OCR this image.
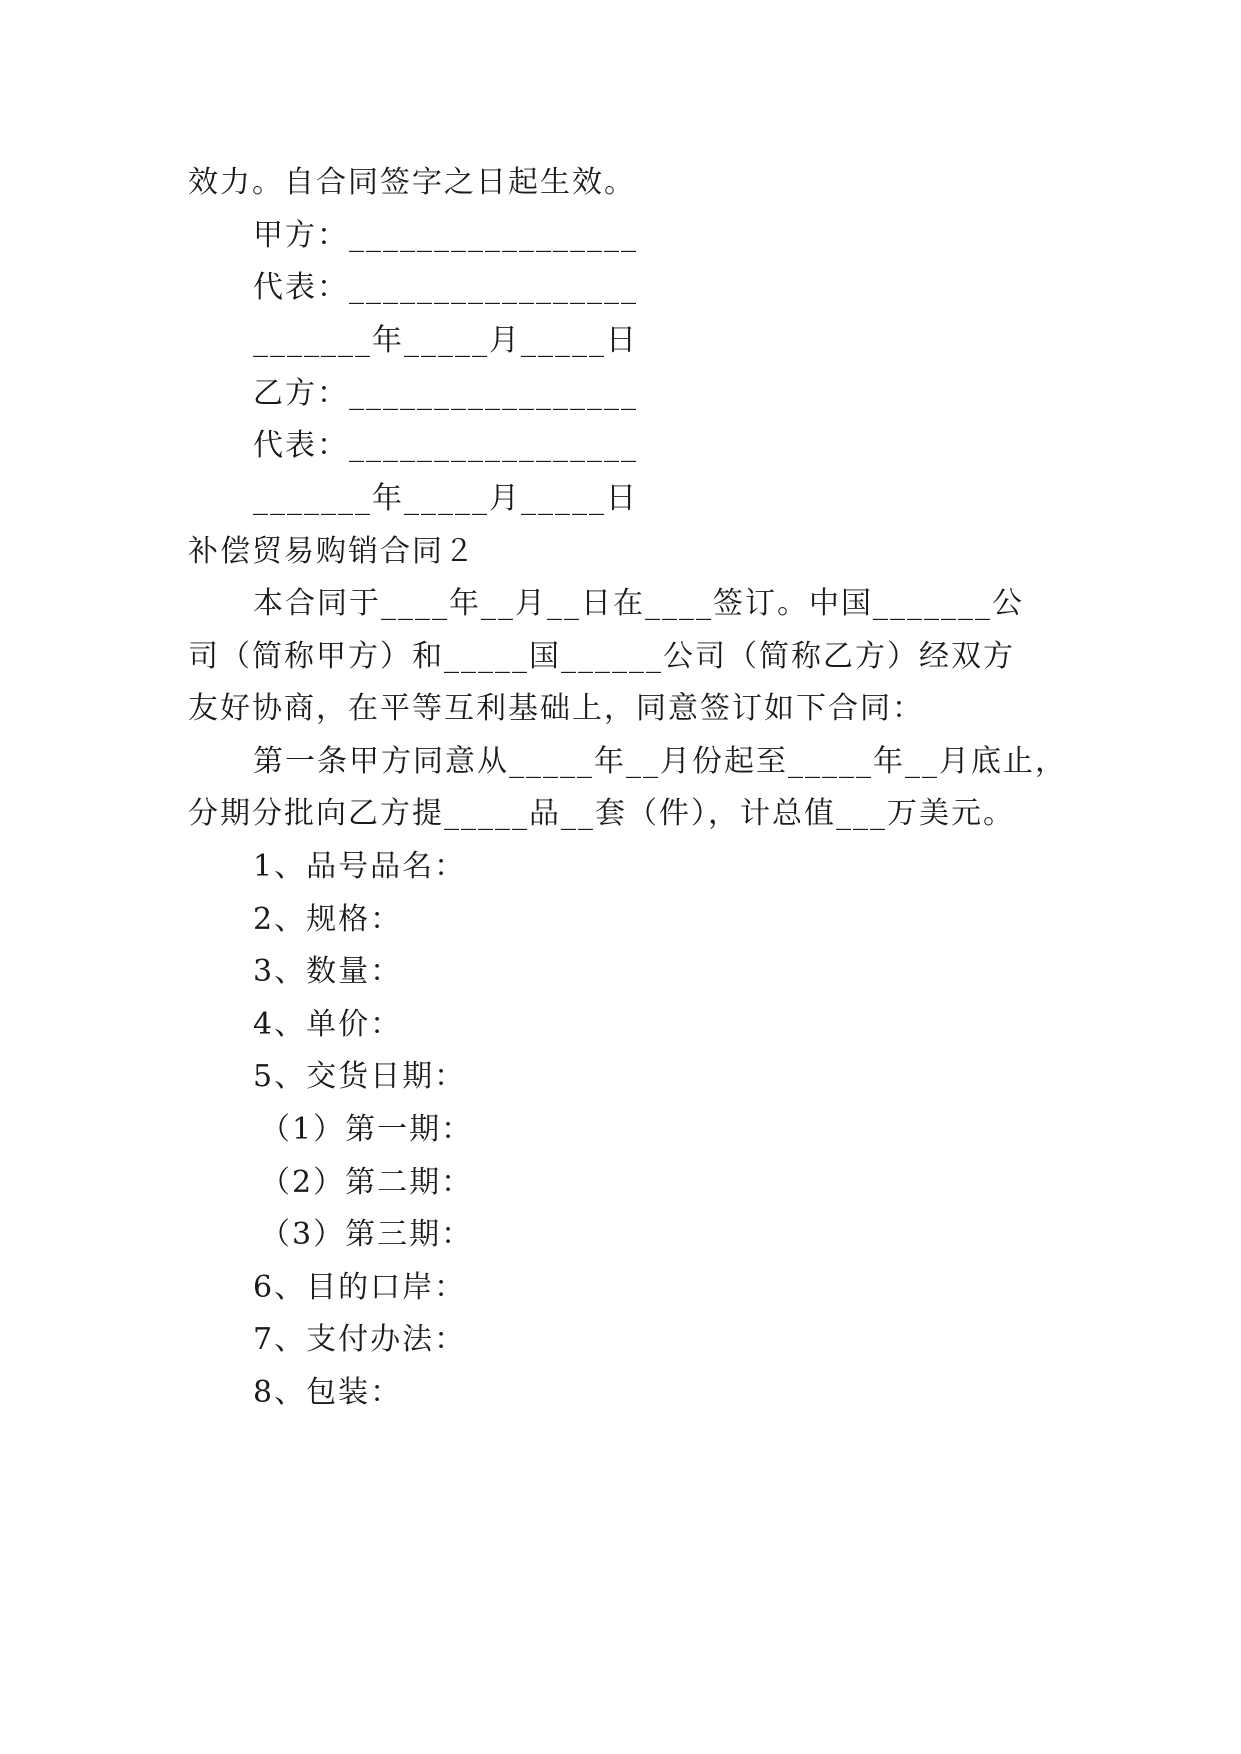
效力。自合同签字之日起生效。
甲方：_________________
代表：_________________
_______年_____月_____日
乙方：_________________
代表：_________________
_______年_____月_____日
补偿贸易购销合同２
本合同于____年__月__日在____签订。中国_______公
司（简称甲方）和_____国______公司（简称乙方）经双方
友好协商，在平等互利基础上，同意签订如下合同：
第一条甲方同意从_____年__月份起至_____年__月底止，
分期分批向乙方提_____品__套（件），计总值___万美元。
1、品号品名：
2、规格：
3、数量：
4、单价：
5、交货日期：
（1）第一期：
（2）第二期：
（3）第三期：
6、目的口岸：
7、支付办法：
8、包装：
